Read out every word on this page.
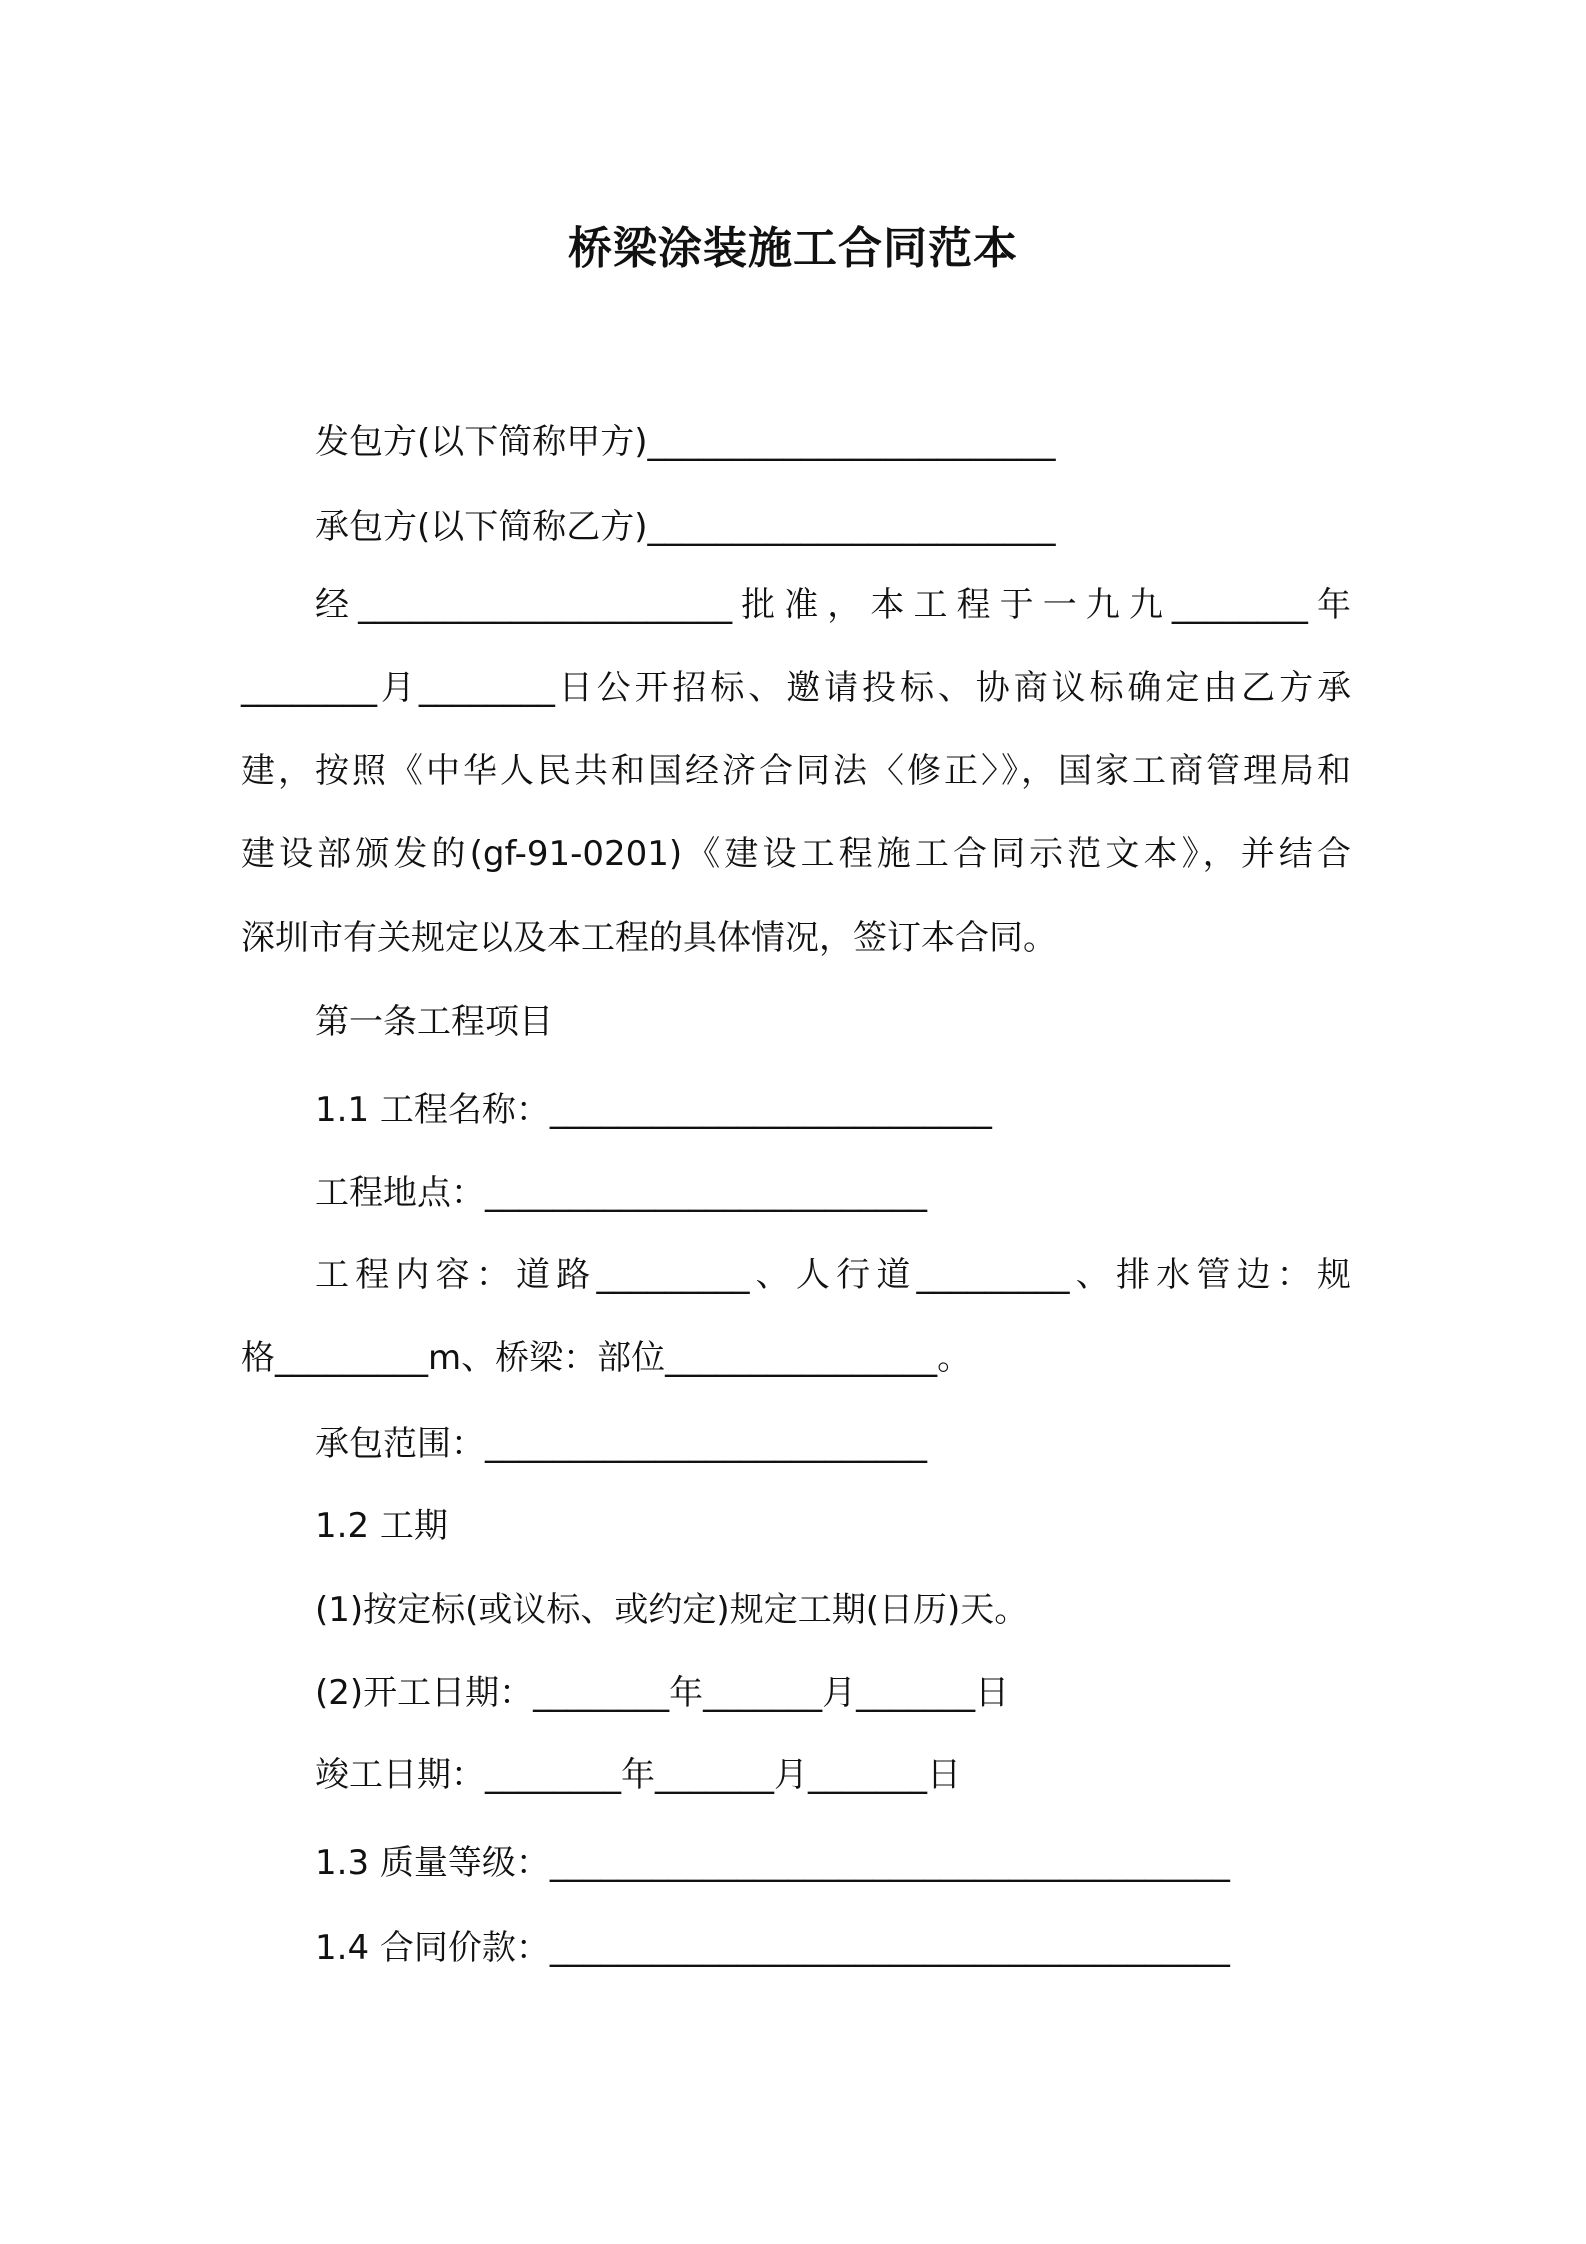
桥梁涂装施工合同范本
发包方(以下简称甲方)________________________
承包方(以下简称乙方)________________________
经______________________批准，本工程于一九九________年
________月________日公开招标、邀请投标、协商议标确定由乙方承
建，按照《中华人民共和国经济合同法〈修正〉》，国家工商管理局和
建设部颁发的(gf-91-0201)《建设工程施工合同示范文本》，并结合
深圳市有关规定以及本工程的具体情况，签订本合同。
第一条工程项目
1.1 工程名称：__________________________
工程地点：__________________________
工程内容：道路_________、人行道_________、排水管边：规
格_________m、桥梁：部位________________。
承包范围：__________________________
1.2 工期
(1)按定标(或议标、或约定)规定工期(日历)天。
(2)开工日期：________年_______月_______日
竣工日期：________年_______月_______日
1.3 质量等级：________________________________________
1.4 合同价款：________________________________________
